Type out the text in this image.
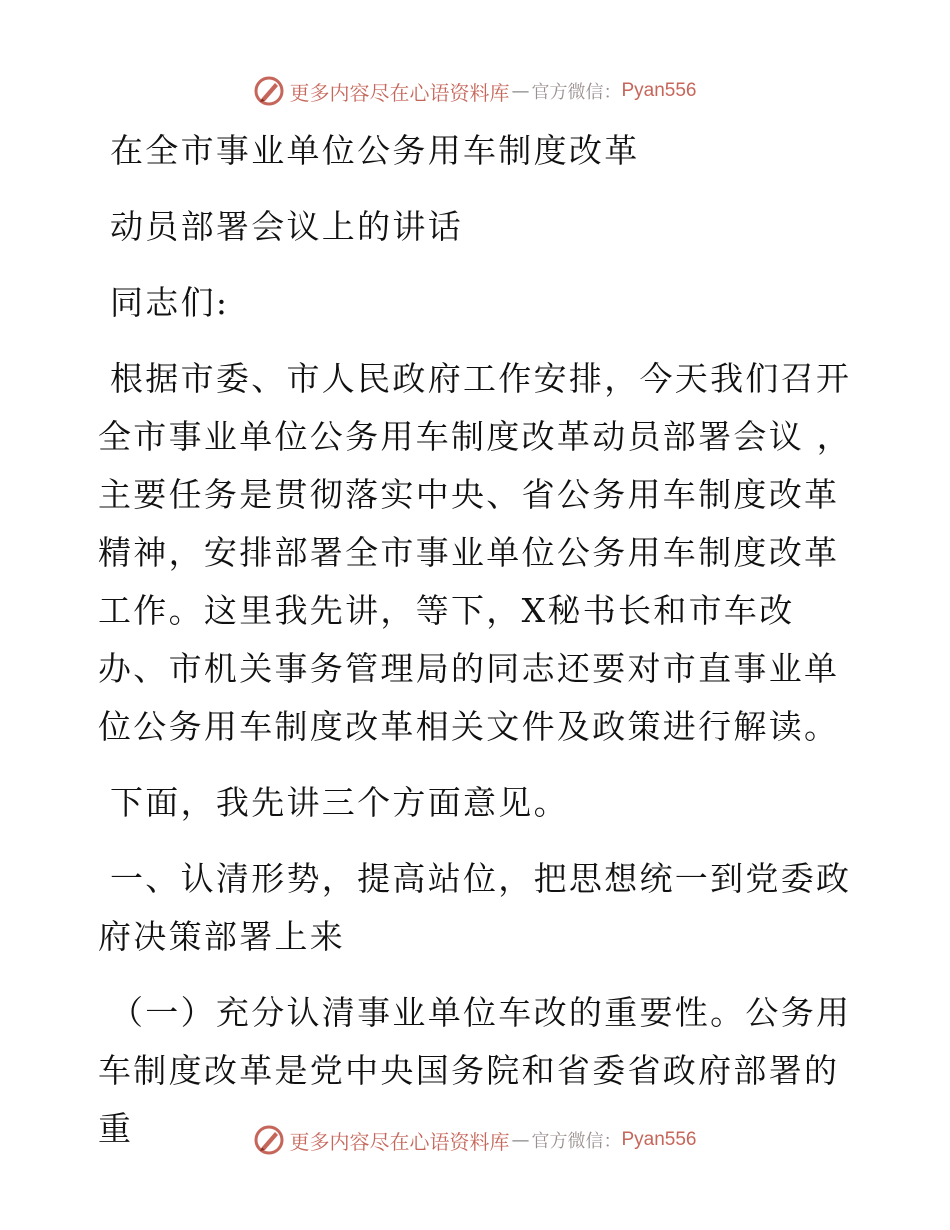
更多内容尽在心语资料库 — 官方微信： Pyan556

在全市事业单位公务用车制度改革

动员部署会议上的讲话

同志们:

根据市委、市人民政府工作安排，今天我们召开全市事业单位公务用车制度改革动员部署会议 ，主要任务是贯彻落实中央、省公务用车制度改革精神，安排部署全市事业单位公务用车制度改革工作。这里我先讲，等下，X秘书长和市车改办、市机关事务管理局的同志还要对市直事业单位公务用车制度改革相关文件及政策进行解读。

下面，我先讲三个方面意见。

一、认清形势，提高站位，把思想统一到党委政府决策部署上来

（一）充分认清事业单位车改的重要性。公务用车制度改革是党中央国务院和省委省政府部署的重	更多内容尽在心语资料库 — 官方微信： Pyan556
